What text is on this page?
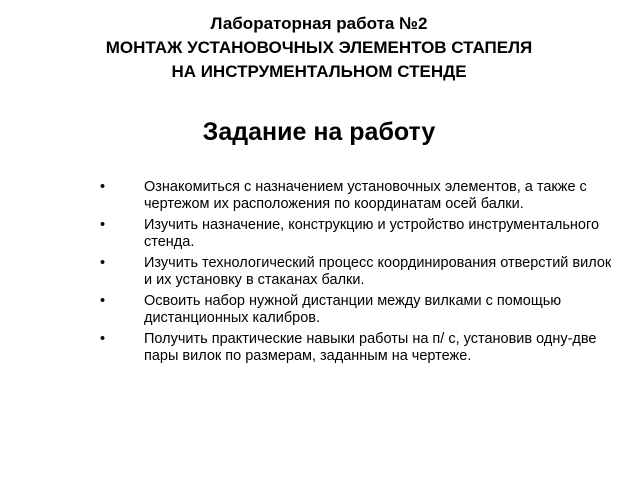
Лабораторная работа №2
МОНТАЖ УСТАНОВОЧНЫХ ЭЛЕМЕНТОВ СТАПЕЛЯ
НА ИНСТРУМЕНТАЛЬНОМ СТЕНДЕ
Задание на работу
•	Ознакомиться с назначением установочных элементов, а также с чертежом их расположения по координатам осей балки.
•	Изучить назначение, конструкцию и устройство инструментального стенда.
•	Изучить технологический процесс координирования отверстий вилок и их установку в стаканах балки.
•	Освоить набор нужной дистанции между вилками с помощью дистанционных калибров.
•	Получить практические навыки работы на п/ с, установив одну-две пары вилок по размерам, заданным на чертеже.
